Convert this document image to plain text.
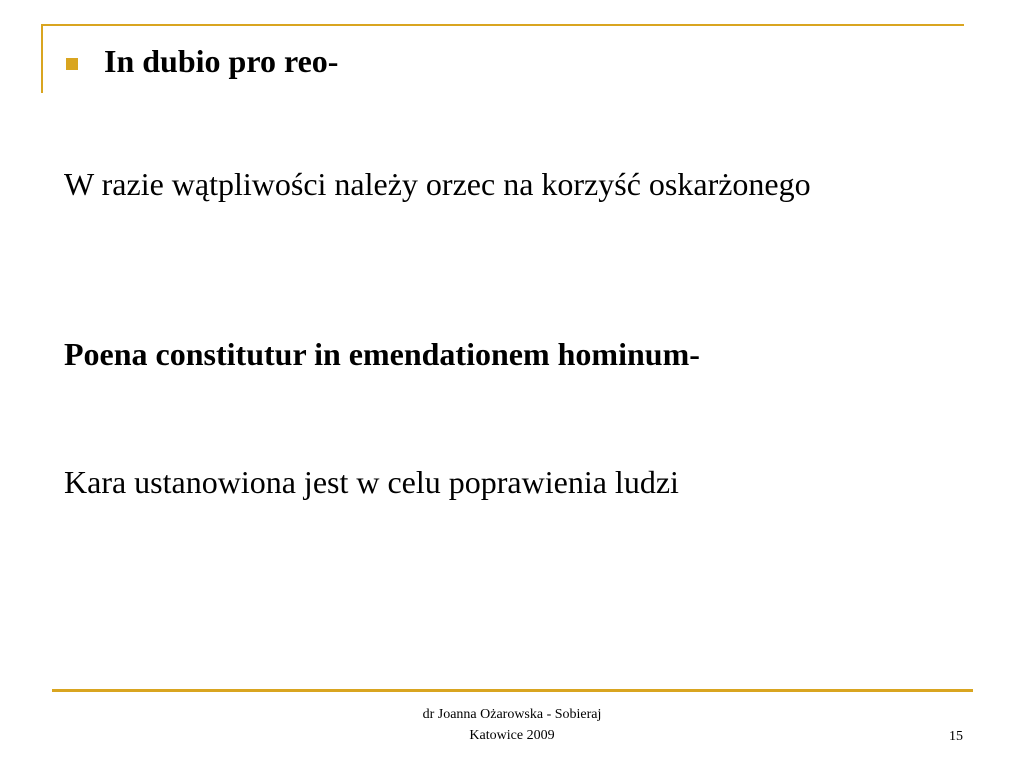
In dubio pro reo-
W razie wątpliwości należy orzec na korzyść oskarżonego
Poena constitutur in emendationem hominum-
Kara ustanowiona jest w celu poprawienia ludzi
dr Joanna Ożarowska - Sobieraj
Katowice 2009	15
